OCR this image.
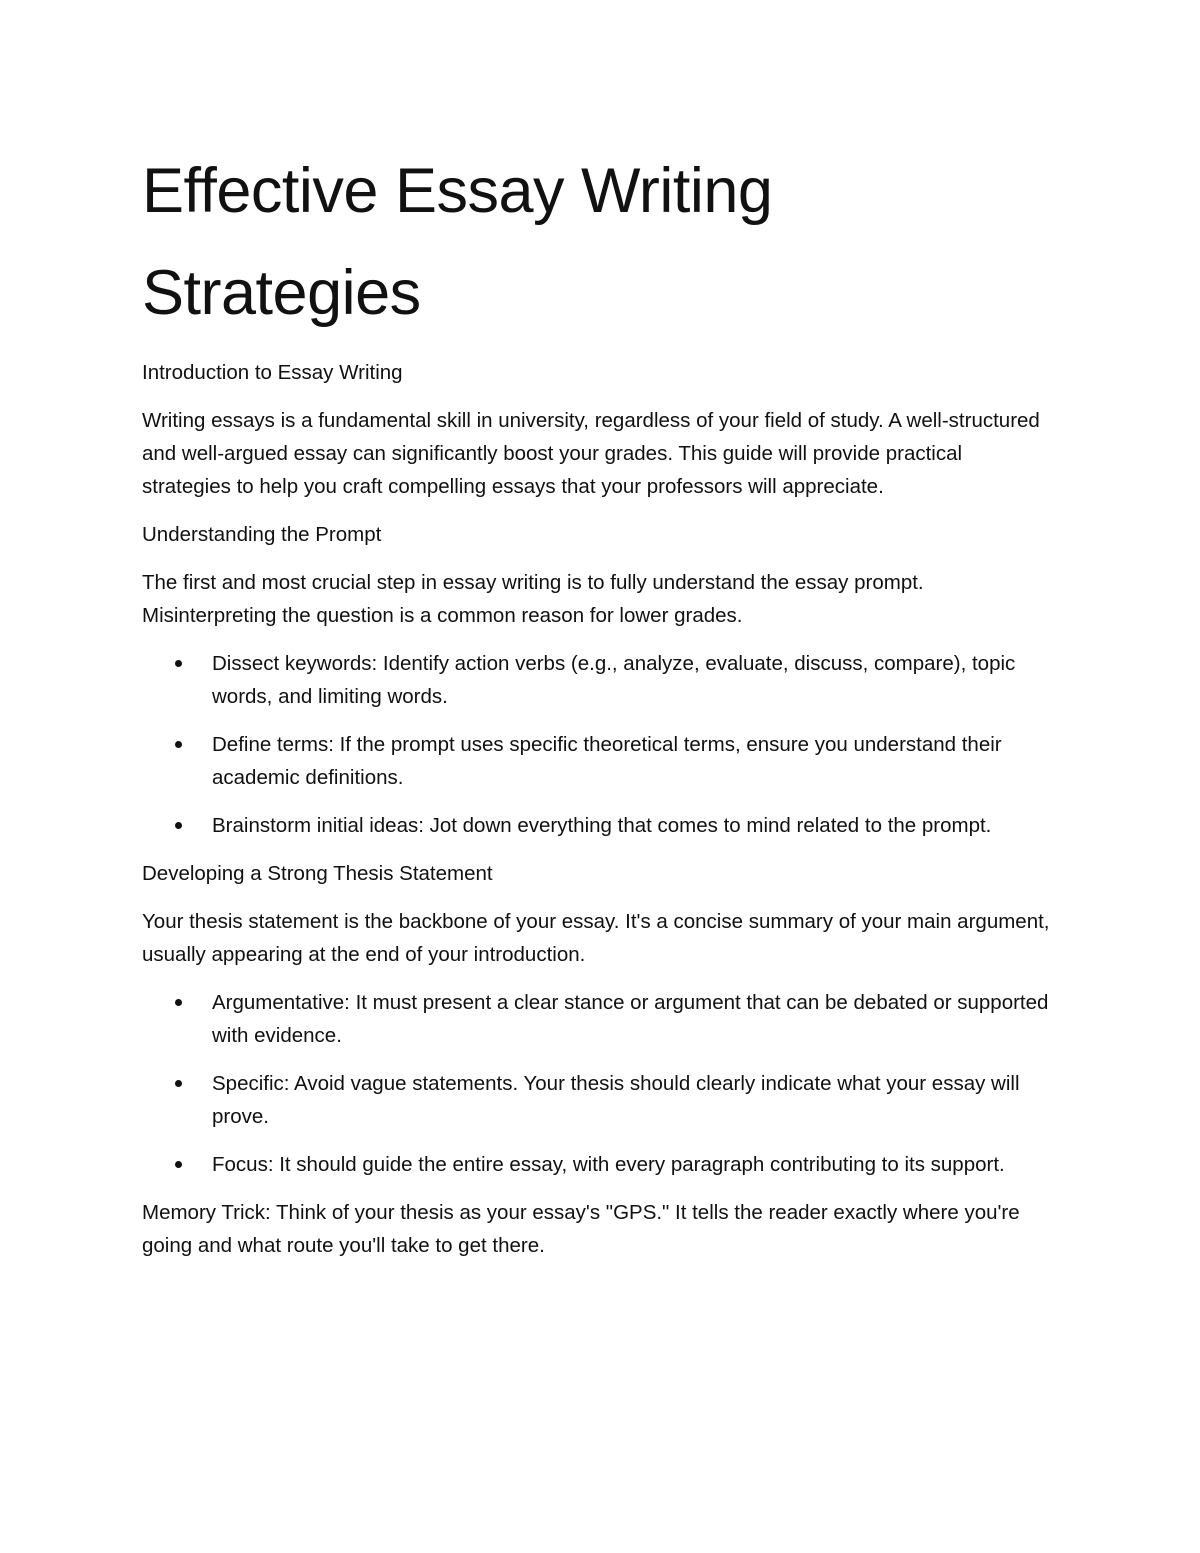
Effective Essay Writing Strategies
Introduction to Essay Writing

Writing essays is a fundamental skill in university, regardless of your field of study. A well-structured and well-argued essay can significantly boost your grades. This guide will provide practical strategies to help you craft compelling essays that your professors will appreciate.

Understanding the Prompt

The first and most crucial step in essay writing is to fully understand the essay prompt. Misinterpreting the question is a common reason for lower grades.

Dissect keywords: Identify action verbs (e.g., analyze, evaluate, discuss, compare), topic words, and limiting words.
Define terms: If the prompt uses specific theoretical terms, ensure you understand their academic definitions.
Brainstorm initial ideas: Jot down everything that comes to mind related to the prompt.
Developing a Strong Thesis Statement

Your thesis statement is the backbone of your essay. It's a concise summary of your main argument, usually appearing at the end of your introduction.

Argumentative: It must present a clear stance or argument that can be debated or supported with evidence.
Specific: Avoid vague statements. Your thesis should clearly indicate what your essay will prove.
Focus: It should guide the entire essay, with every paragraph contributing to its support.

Memory Trick: Think of your thesis as your essay's "GPS." It tells the reader exactly where you're going and what route you'll take to get there.
